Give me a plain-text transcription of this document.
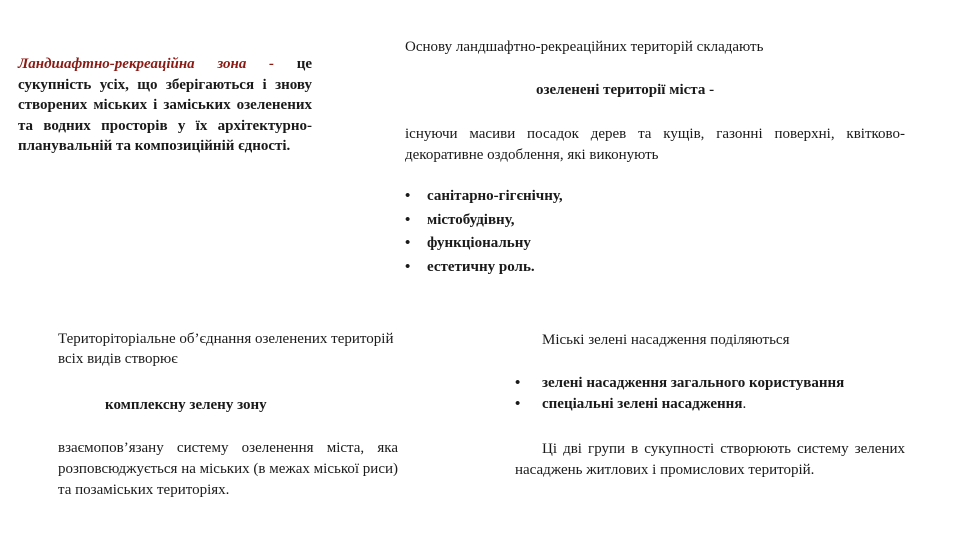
Ландшафтно-рекреаційна зона - це сукупність усіх, що зберігаються і знову створених міських і заміських озеленених та водних просторів у їх архітектурно-планувальній та композиційній єдності.
Основу ландшафтно-рекреаційних територій складають
озеленені території міста -
існуючи масиви посадок дерев та кущів, газонні поверхні, квітково-декоративне оздоблення, які виконують
•	санітарно-гігєнічну,
•	містобудівну,
•	функціональну
•	естетичну роль.
Територіторіальне об’єднання озеленених територій всіх видів створює
комплексну зелену зону
взаємопов’язану систему озеленення міста, яка розповсюджується на міських (в межах міської риси) та позаміських територіях.
Міські зелені насадження поділяються
•	зелені насадження загального користування
•	спеціальні зелені насадження.
Ці дві групи в сукупності створюють систему зелених насаджень житлових і промислових територій.
